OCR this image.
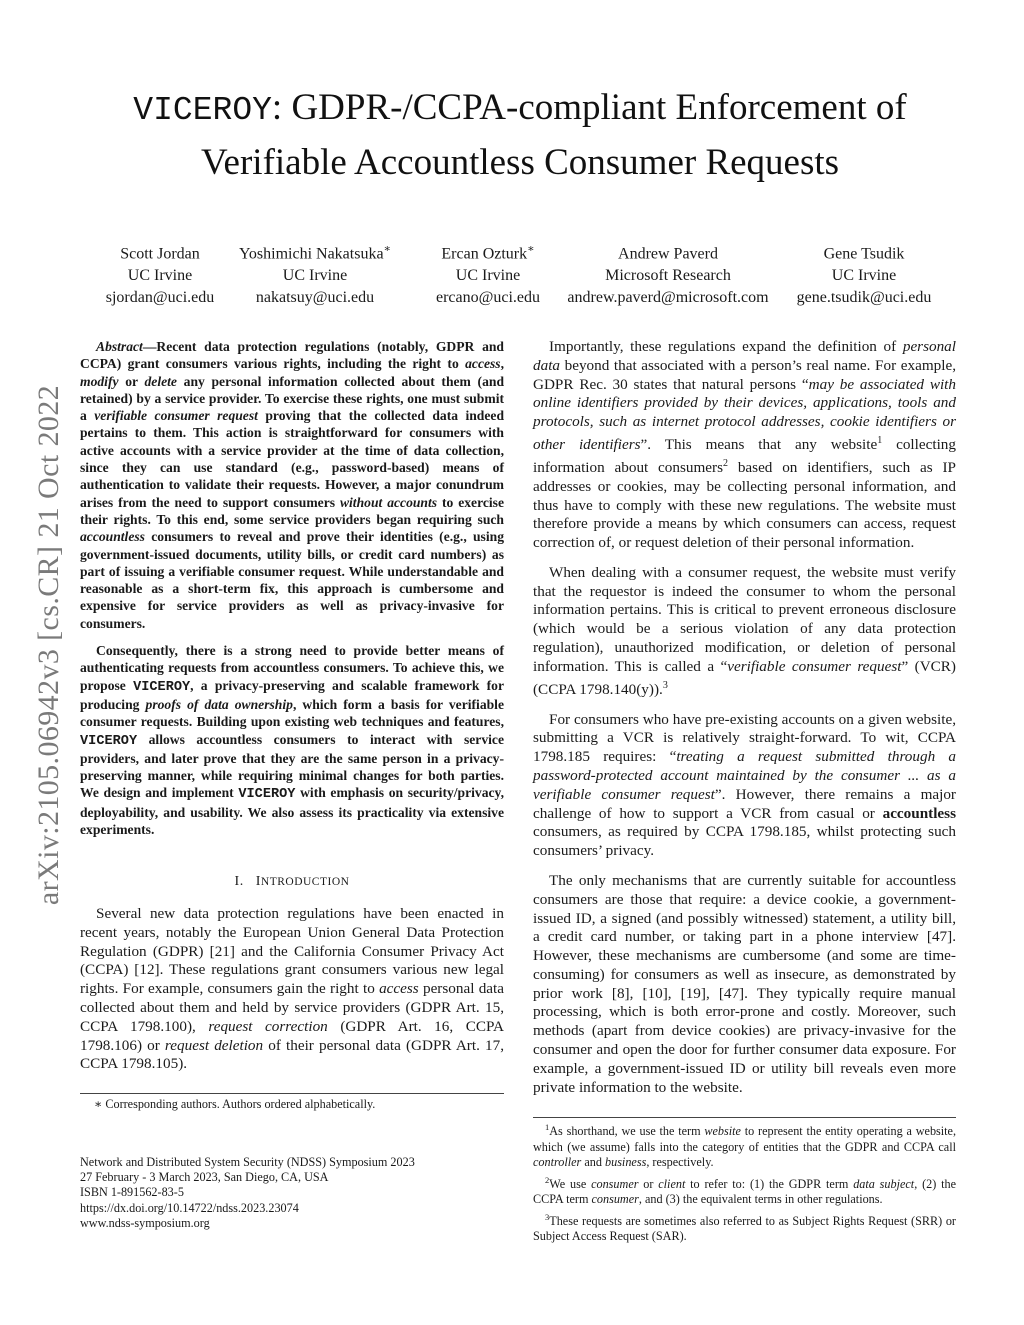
arXiv:2105.06942v3 [cs.CR] 21 Oct 2022
VICEROY: GDPR-/CCPA-compliant Enforcement of
Verifiable Accountless Consumer Requests
Scott Jordan
UC Irvine
sjordan@uci.edu
Yoshimichi Nakatsuka∗
UC Irvine
nakatsuy@uci.edu
Ercan Ozturk∗
UC Irvine
ercano@uci.edu
Andrew Paverd
Microsoft Research
andrew.paverd@microsoft.com
Gene Tsudik
UC Irvine
gene.tsudik@uci.edu

Abstract—Recent data protection regulations (notably, GDPR and CCPA) grant consumers various rights, including the right to access, modify or delete any personal information collected about them (and retained) by a service provider. To exercise these rights, one must submit a verifiable consumer request proving that the collected data indeed pertains to them. This action is straightforward for consumers with active accounts with a service provider at the time of data collection, since they can use standard (e.g., password-based) means of authentication to validate their requests. However, a major conundrum arises from the need to support consumers without accounts to exercise their rights. To this end, some service providers began requiring such accountless consumers to reveal and prove their identities (e.g., using government-issued documents, utility bills, or credit card numbers) as part of issuing a verifiable consumer request. While understandable and reasonable as a short-term fix, this approach is cumbersome and expensive for service providers as well as privacy-invasive for consumers.

Consequently, there is a strong need to provide better means of authenticating requests from accountless consumers. To achieve this, we propose VICEROY, a privacy-preserving and scalable framework for producing proofs of data ownership, which form a basis for verifiable consumer requests. Building upon existing web techniques and features, VICEROY allows accountless consumers to interact with service providers, and later prove that they are the same person in a privacy-preserving manner, while requiring minimal changes for both parties. We design and implement VICEROY with emphasis on security/privacy, deployability, and usability. We also assess its practicality via extensive experiments.

I. INTRODUCTION

Several new data protection regulations have been enacted in recent years, notably the European Union General Data Protection Regulation (GDPR) [21] and the California Consumer Privacy Act (CCPA) [12]. These regulations grant consumers various new legal rights. For example, consumers gain the right to access personal data collected about them and held by service providers (GDPR Art. 15, CCPA 1798.100), request correction (GDPR Art. 16, CCPA 1798.106) or request deletion of their personal data (GDPR Art. 17, CCPA 1798.105).

∗ Corresponding authors. Authors ordered alphabetically.
Network and Distributed System Security (NDSS) Symposium 2023
27 February - 3 March 2023, San Diego, CA, USA
ISBN 1-891562-83-5
https://dx.doi.org/10.14722/ndss.2023.23074
www.ndss-symposium.org

Importantly, these regulations expand the definition of personal data beyond that associated with a person’s real name. For example, GDPR Rec. 30 states that natural persons “may be associated with online identifiers provided by their devices, applications, tools and protocols, such as internet protocol addresses, cookie identifiers or other identifiers”. This means that any website$^1$ collecting information about consumers$^2$ based on identifiers, such as IP addresses or cookies, may be collecting personal information, and thus have to comply with these new regulations. The website must therefore provide a means by which consumers can access, request correction of, or request deletion of their personal information.

When dealing with a consumer request, the website must verify that the requestor is indeed the consumer to whom the personal information pertains. This is critical to prevent erroneous disclosure (which would be a serious violation of any data protection regulation), unauthorized modification, or deletion of personal information. This is called a “verifiable consumer request” (VCR) (CCPA 1798.140(y)).$^3$

For consumers who have pre-existing accounts on a given website, submitting a VCR is relatively straight-forward. To wit, CCPA 1798.185 requires: “treating a request submitted through a password-protected account maintained by the consumer ... as a verifiable consumer request”. However, there remains a major challenge of how to support a VCR from casual or accountless consumers, as required by CCPA 1798.185, whilst protecting such consumers’ privacy.

The only mechanisms that are currently suitable for accountless consumers are those that require: a device cookie, a government-issued ID, a signed (and possibly witnessed) statement, a utility bill, a credit card number, or taking part in a phone interview [47]. However, these mechanisms are cumbersome (and some are time-consuming) for consumers as well as insecure, as demonstrated by prior work [8], [10], [19], [47]. They typically require manual processing, which is both error-prone and costly. Moreover, such methods (apart from device cookies) are privacy-invasive for the consumer and open the door for further consumer data exposure. For example, a government-issued ID or utility bill reveals even more private information to the website.

$^1$As shorthand, we use the term website to represent the entity operating a website, which (we assume) falls into the category of entities that the GDPR and CCPA call controller and business, respectively.
$^2$We use consumer or client to refer to: (1) the GDPR term data subject, (2) the CCPA term consumer, and (3) the equivalent terms in other regulations.
$^3$These requests are sometimes also referred to as Subject Rights Request (SRR) or Subject Access Request (SAR).
